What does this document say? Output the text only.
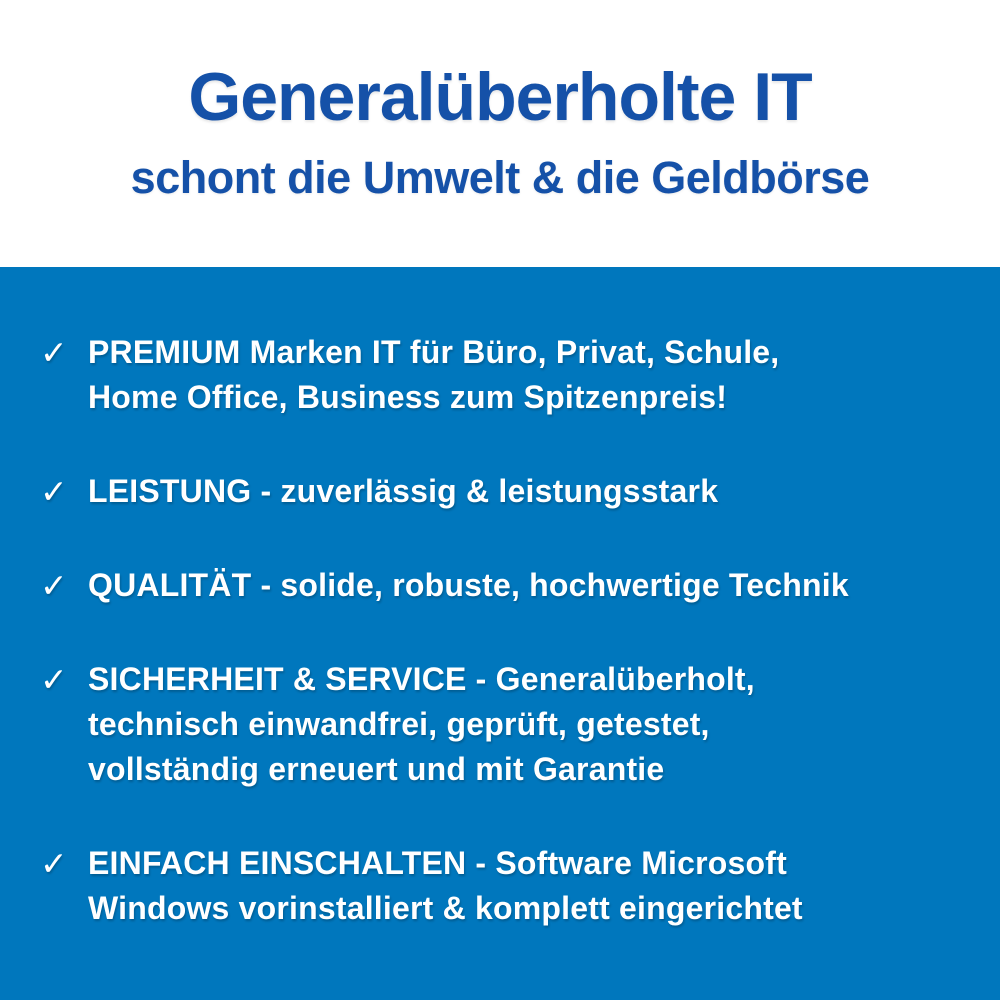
Generalüberholte IT
schont die Umwelt & die Geldbörse
✓ PREMIUM Marken IT für Büro, Privat, Schule,
Home Office, Business zum Spitzenpreis!
✓ LEISTUNG - zuverlässig & leistungsstark
✓ QUALITÄT - solide, robuste, hochwertige Technik
✓ SICHERHEIT & SERVICE - Generalüberholt,
technisch einwandfrei, geprüft, getestet,
vollständig erneuert und mit Garantie
✓ EINFACH EINSCHALTEN - Software Microsoft
Windows vorinstalliert & komplett eingerichtet
